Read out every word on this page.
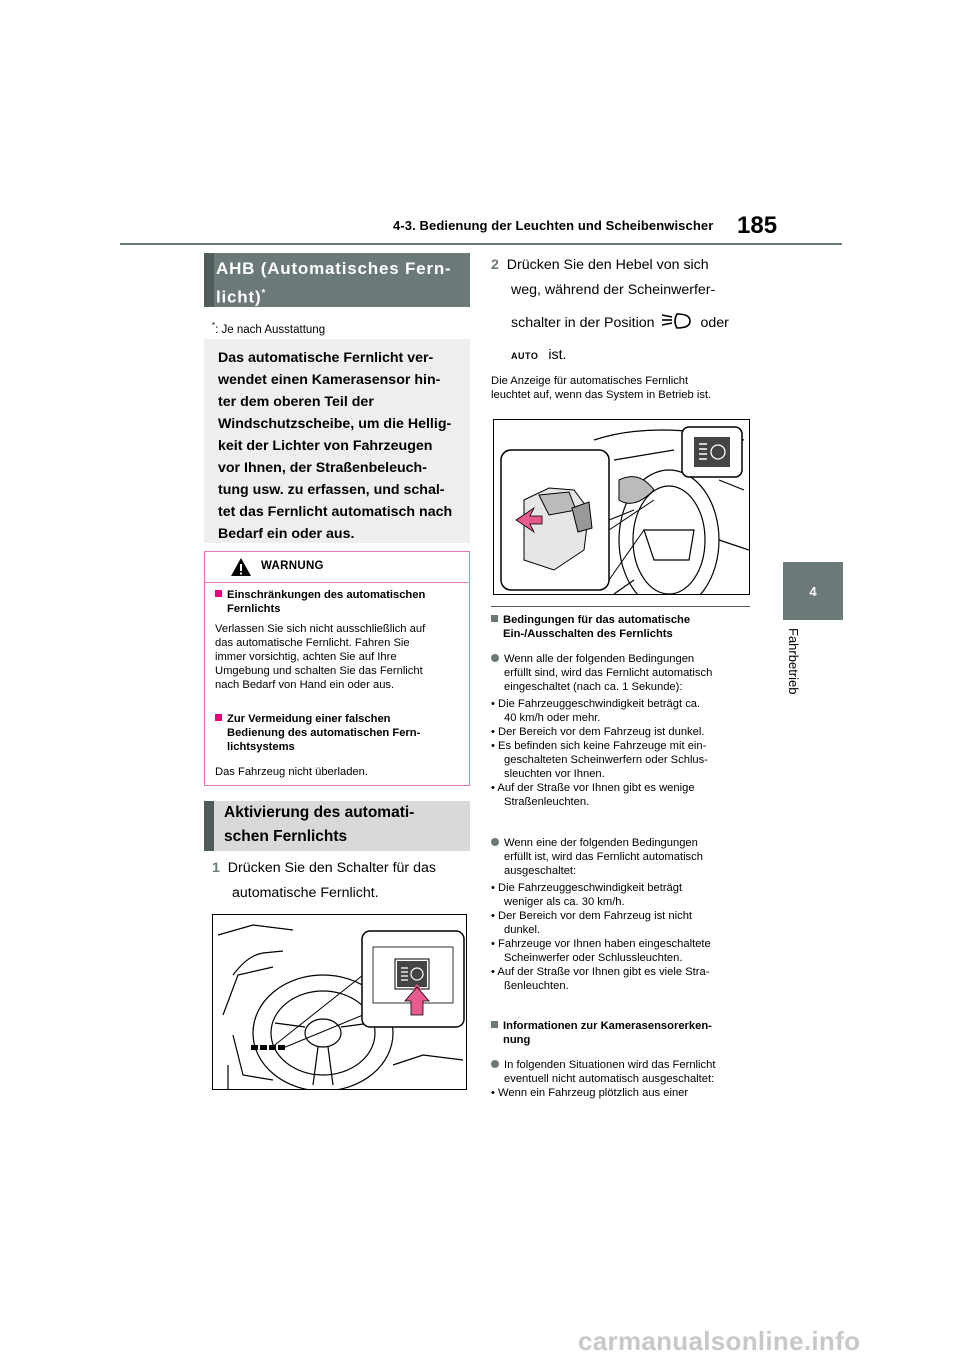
4-3. Bedienung der Leuchten und Scheibenwischer 185
4
Fahrbetrieb
AHB (Automatisches Fern-
licht)*
*: Je nach Ausstattung

Das automatische Fernlicht ver-
wendet einen Kamerasensor hin-
ter dem oberen Teil der
Windschutzscheibe, um die Hellig-
keit der Lichter von Fahrzeugen
vor Ihnen, der Straßenbeleuch-
tung usw. zu erfassen, und schal-
tet das Fernlicht automatisch nach
Bedarf ein oder aus.

WARNUNG
Einschränkungen des automatischen
Fernlichts
Verlassen Sie sich nicht ausschließlich auf
das automatische Fernlicht. Fahren Sie
immer vorsichtig, achten Sie auf Ihre
Umgebung und schalten Sie das Fernlicht
nach Bedarf von Hand ein oder aus.
Zur Vermeidung einer falschen
Bedienung des automatischen Fern-
lichtsystems
Das Fahrzeug nicht überladen.
Aktivierung des automati-
schen Fernlichts
1 Drücken Sie den Schalter für das
automatische Fernlicht.
2 Drücken Sie den Hebel von sich
weg, während der Scheinwerfer-
schalter in der Position	oder
AUTO ist.
Die Anzeige für automatisches Fernlicht
leuchtet auf, wenn das System in Betrieb ist.
Bedingungen für das automatische
Ein-/Ausschalten des Fernlichts
Wenn alle der folgenden Bedingungen
erfüllt sind, wird das Fernlicht automatisch
eingeschaltet (nach ca. 1 Sekunde):
• Die Fahrzeuggeschwindigkeit beträgt ca.
40 km/h oder mehr.
• Der Bereich vor dem Fahrzeug ist dunkel.
• Es befinden sich keine Fahrzeuge mit ein-
geschalteten Scheinwerfern oder Schlus-
sleuchten vor Ihnen.
• Auf der Straße vor Ihnen gibt es wenige
Straßenleuchten.
Wenn eine der folgenden Bedingungen
erfüllt ist, wird das Fernlicht automatisch
ausgeschaltet:
• Die Fahrzeuggeschwindigkeit beträgt
weniger als ca. 30 km/h.
• Der Bereich vor dem Fahrzeug ist nicht
dunkel.
• Fahrzeuge vor Ihnen haben eingeschaltete
Scheinwerfer oder Schlussleuchten.
• Auf der Straße vor Ihnen gibt es viele Stra-
ßenleuchten.
Informationen zur Kamerasensorerken-
nung
In folgenden Situationen wird das Fernlicht
eventuell nicht automatisch ausgeschaltet:
• Wenn ein Fahrzeug plötzlich aus einer
carmanualsonline.info
